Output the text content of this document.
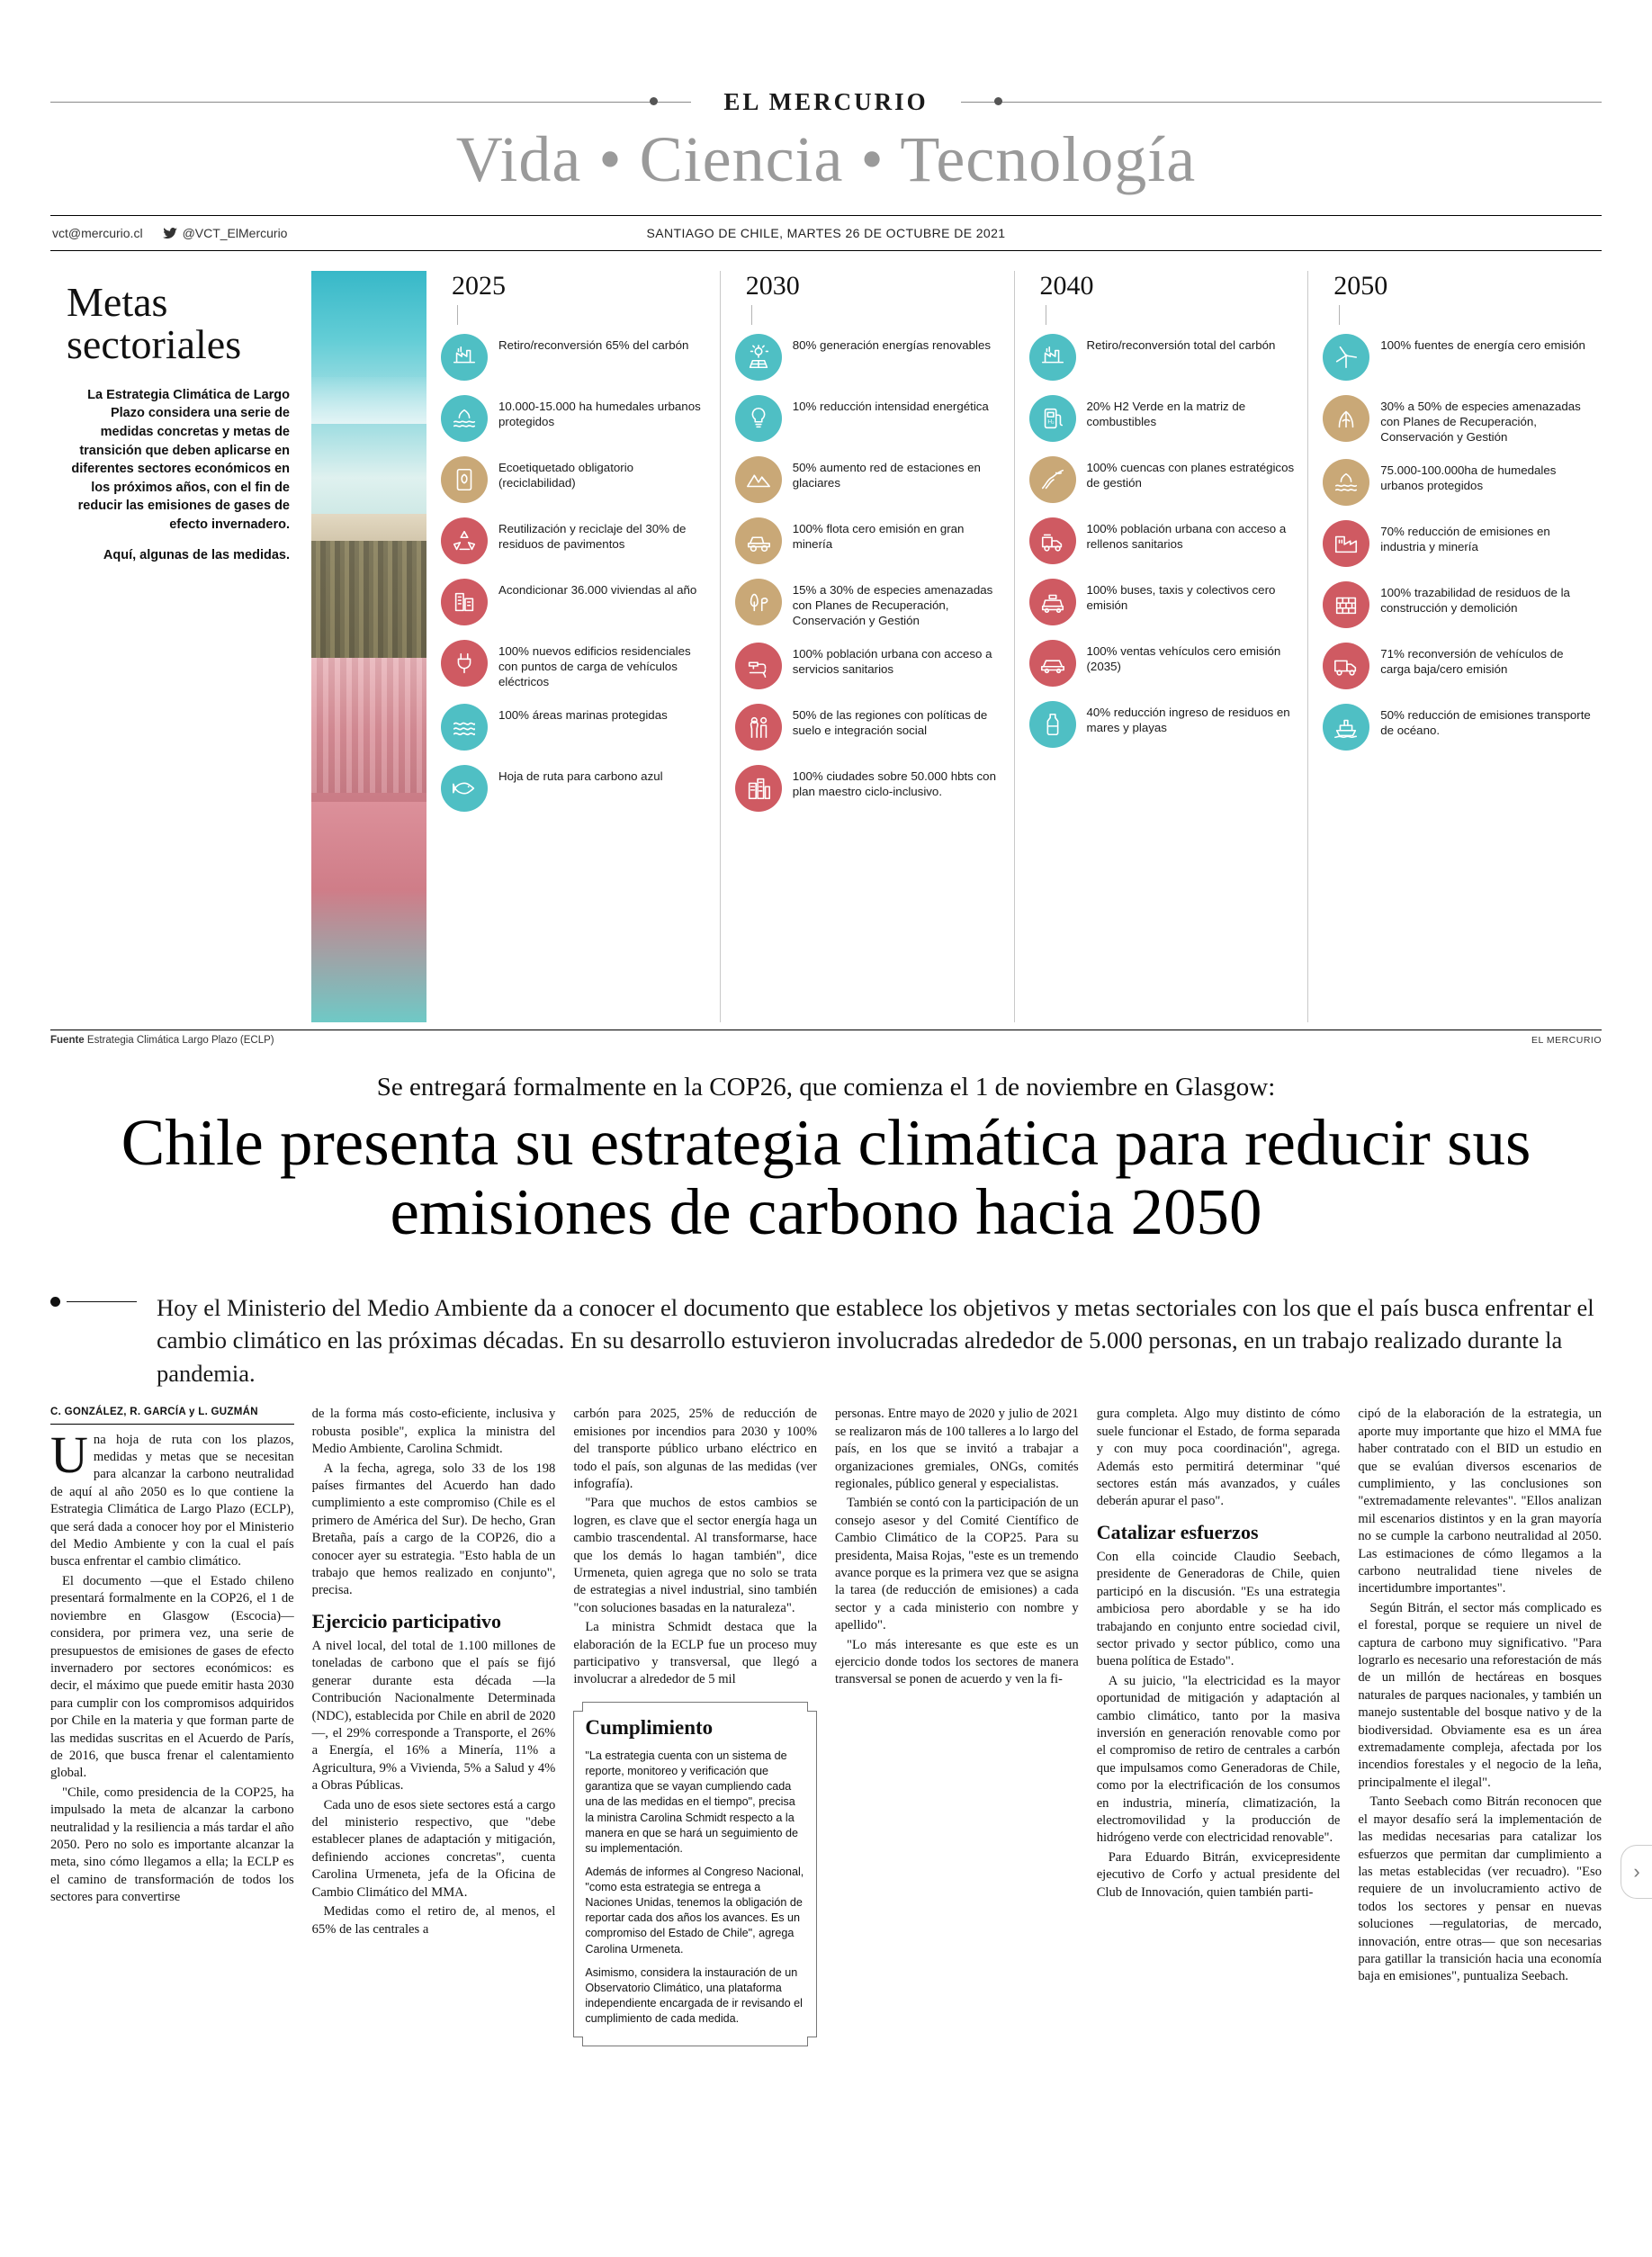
EL MERCURIO
Vida • Ciencia • Tecnología
vct@mercurio.cl	@VCT_ElMercurio	SANTIAGO DE CHILE, MARTES 26 DE OCTUBRE DE 2021
Metas sectoriales
La Estrategia Climática de Largo Plazo considera una serie de medidas concretas y metas de transición que deben aplicarse en diferentes sectores económicos en los próximos años, con el fin de reducir las emisiones de gases de efecto invernadero.
Aquí, algunas de las medidas.
2025
Retiro/reconversión 65% del carbón
10.000-15.000 ha humedales urbanos protegidos
Ecoetiquetado obligatorio (reciclabilidad)
Reutilización y reciclaje del 30% de residuos de pavimentos
Acondicionar 36.000 viviendas al año
100% nuevos edificios residenciales con puntos de carga de vehículos eléctricos
100% áreas marinas protegidas
Hoja de ruta para carbono azul
2030
80% generación energías renovables
10% reducción intensidad energética
50% aumento red de estaciones en glaciares
100% flota cero emisión en gran minería
15% a 30% de especies amenazadas con Planes de Recuperación, Conservación y Gestión
100% población urbana con acceso a servicios sanitarios
50% de las regiones con políticas de suelo e integración social
100% ciudades sobre 50.000 hbts con plan maestro ciclo-inclusivo.
2040
Retiro/reconversión total del carbón
H₂
20% H2 Verde en la matriz de combustibles
100% cuencas con planes estratégicos de gestión
100% población urbana con acceso a rellenos sanitarios
100% buses, taxis y colectivos cero emisión
100% ventas vehículos cero emisión (2035)
40% reducción ingreso de residuos en mares y playas
2050
100% fuentes de energía cero emisión
30% a 50% de especies amenazadas con Planes de Recuperación, Conservación y Gestión
75.000-100.000ha de humedales urbanos protegidos
70% reducción de emisiones en industria y minería
100% trazabilidad de residuos de la construcción y demolición
71% reconversión de vehículos de carga baja/cero emisión
50% reducción de emisiones transporte de océano.
Fuente Estrategia Climática Largo Plazo (ECLP)	EL MERCURIO
Se entregará formalmente en la COP26, que comienza el 1 de noviembre en Glasgow:
Chile presenta su estrategia climática para reducir sus emisiones de carbono hacia 2050
Hoy el Ministerio del Medio Ambiente da a conocer el documento que establece los objetivos y metas sectoriales con los que el país busca enfrentar el cambio climático en las próximas décadas. En su desarrollo estuvieron involucradas alrededor de 5.000 personas, en un trabajo realizado durante la pandemia.
C. GONZÁLEZ, R. GARCÍA y L. GUZMÁN

Una hoja de ruta con los plazos, medidas y metas que se necesitan para alcanzar la carbono neutralidad de aquí al año 2050 es lo que contiene la Estrategia Climática de Largo Plazo (ECLP), que será dada a conocer hoy por el Ministerio del Medio Ambiente y con la cual el país busca enfrentar el cambio climático.

El documento —que el Estado chileno presentará formalmente en la COP26, el 1 de noviembre en Glasgow (Escocia)— considera, por primera vez, una serie de presupuestos de emisiones de gases de efecto invernadero por sectores económicos: es decir, el máximo que puede emitir hasta 2030 para cumplir con los compromisos adquiridos por Chile en la materia y que forman parte de las medidas suscritas en el Acuerdo de París, de 2016, que busca frenar el calentamiento global.

"Chile, como presidencia de la COP25, ha impulsado la meta de alcanzar la carbono neutralidad y la resiliencia a más tardar el año 2050. Pero no solo es importante alcanzar la meta, sino cómo llegamos a ella; la ECLP es el camino de transformación de todos los sectores para convertirse

de la forma más costo-eficiente, inclusiva y robusta posible", explica la ministra del Medio Ambiente, Carolina Schmidt.

A la fecha, agrega, solo 33 de los 198 países firmantes del Acuerdo han dado cumplimiento a este compromiso (Chile es el primero de América del Sur). De hecho, Gran Bretaña, país a cargo de la COP26, dio a conocer ayer su estrategia. "Esto habla de un trabajo que hemos realizado en conjunto", precisa.

Ejercicio participativo

A nivel local, del total de 1.100 millones de toneladas de carbono que el país se fijó generar durante esta década —la Contribución Nacionalmente Determinada (NDC), establecida por Chile en abril de 2020—, el 29% corresponde a Transporte, el 26% a Energía, el 16% a Minería, 11% a Agricultura, 9% a Vivienda, 5% a Salud y 4% a Obras Públicas.

Cada uno de esos siete sectores está a cargo del ministerio respectivo, que "debe establecer planes de adaptación y mitigación, definiendo acciones concretas", cuenta Carolina Urmeneta, jefa de la Oficina de Cambio Climático del MMA.

Medidas como el retiro de, al menos, el 65% de las centrales a

carbón para 2025, 25% de reducción de emisiones por incendios para 2030 y 100% del transporte público urbano eléctrico en todo el país, son algunas de las medidas (ver infografía).

"Para que muchos de estos cambios se logren, es clave que el sector energía haga un cambio trascendental. Al transformarse, hace que los demás lo hagan también", dice Urmeneta, quien agrega que no solo se trata de estrategias a nivel industrial, sino también "con soluciones basadas en la naturaleza".

La ministra Schmidt destaca que la elaboración de la ECLP fue un proceso muy participativo y transversal, que llegó a involucrar a alrededor de 5 mil

Cumplimiento

"La estrategia cuenta con un sistema de reporte, monitoreo y verificación que garantiza que se vayan cumpliendo cada una de las medidas en el tiempo", precisa la ministra Carolina Schmidt respecto a la manera en que se hará un seguimiento de su implementación.

Además de informes al Congreso Nacional, "como esta estrategia se entrega a Naciones Unidas, tenemos la obligación de reportar cada dos años los avances. Es un compromiso del Estado de Chile", agrega Carolina Urmeneta.

Asimismo, considera la instauración de un Observatorio Climático, una plataforma independiente encargada de ir revisando el cumplimiento de cada medida.

personas. Entre mayo de 2020 y julio de 2021 se realizaron más de 100 talleres a lo largo del país, en los que se invitó a trabajar a organizaciones gremiales, ONGs, comités regionales, público general y especialistas.

También se contó con la participación de un consejo asesor y del Comité Científico de Cambio Climático de la COP25. Para su presidenta, Maisa Rojas, "este es un tremendo avance porque es la primera vez que se asigna la tarea (de reducción de emisiones) a cada sector y a cada ministerio con nombre y apellido".

"Lo más interesante es que este es un ejercicio donde todos los sectores de manera transversal se ponen de acuerdo y ven la fi-

gura completa. Algo muy distinto de cómo suele funcionar el Estado, de forma separada y con muy poca coordinación", agrega. Además esto permitirá determinar "qué sectores están más avanzados, y cuáles deberán apurar el paso".

Catalizar esfuerzos

Con ella coincide Claudio Seebach, presidente de Generadoras de Chile, quien participó en la discusión. "Es una estrategia ambiciosa pero abordable y se ha ido trabajando en conjunto entre sociedad civil, sector privado y sector público, como una buena política de Estado".

A su juicio, "la electricidad es la mayor oportunidad de mitigación y adaptación al cambio climático, tanto por la masiva inversión en generación renovable como por el compromiso de retiro de centrales a carbón que impulsamos como Generadoras de Chile, como por la electrificación de los consumos en industria, minería, climatización, la electromovilidad y la producción de hidrógeno verde con electricidad renovable".

Para Eduardo Bitrán, exvicepresidente ejecutivo de Corfo y actual presidente del Club de Innovación, quien también parti-

cipó de la elaboración de la estrategia, un aporte muy importante que hizo el MMA fue haber contratado con el BID un estudio en que se evalúan diversos escenarios de cumplimiento, y las conclusiones son "extremadamente relevantes". "Ellos analizan mil escenarios distintos y en la gran mayoría no se cumple la carbono neutralidad al 2050. Las estimaciones de cómo llegamos a la carbono neutralidad tiene niveles de incertidumbre importantes".

Según Bitrán, el sector más complicado es el forestal, porque se requiere un nivel de captura de carbono muy significativo. "Para lograrlo es necesario una reforestación de más de un millón de hectáreas en bosques naturales de parques nacionales, y también un manejo sustentable del bosque nativo y de la biodiversidad. Obviamente esa es un área extremadamente compleja, afectada por los incendios forestales y el negocio de la leña, principalmente el ilegal".

Tanto Seebach como Bitrán reconocen que el mayor desafío será la implementación de las medidas necesarias para catalizar los esfuerzos que permitan dar cumplimiento a las metas establecidas (ver recuadro). "Eso requiere de un involucramiento activo de todos los sectores y pensar en nuevas soluciones —regulatorias, de mercado, innovación, entre otras— que son necesarias para gatillar la transición hacia una economía baja en emisiones", puntualiza Seebach.

›
